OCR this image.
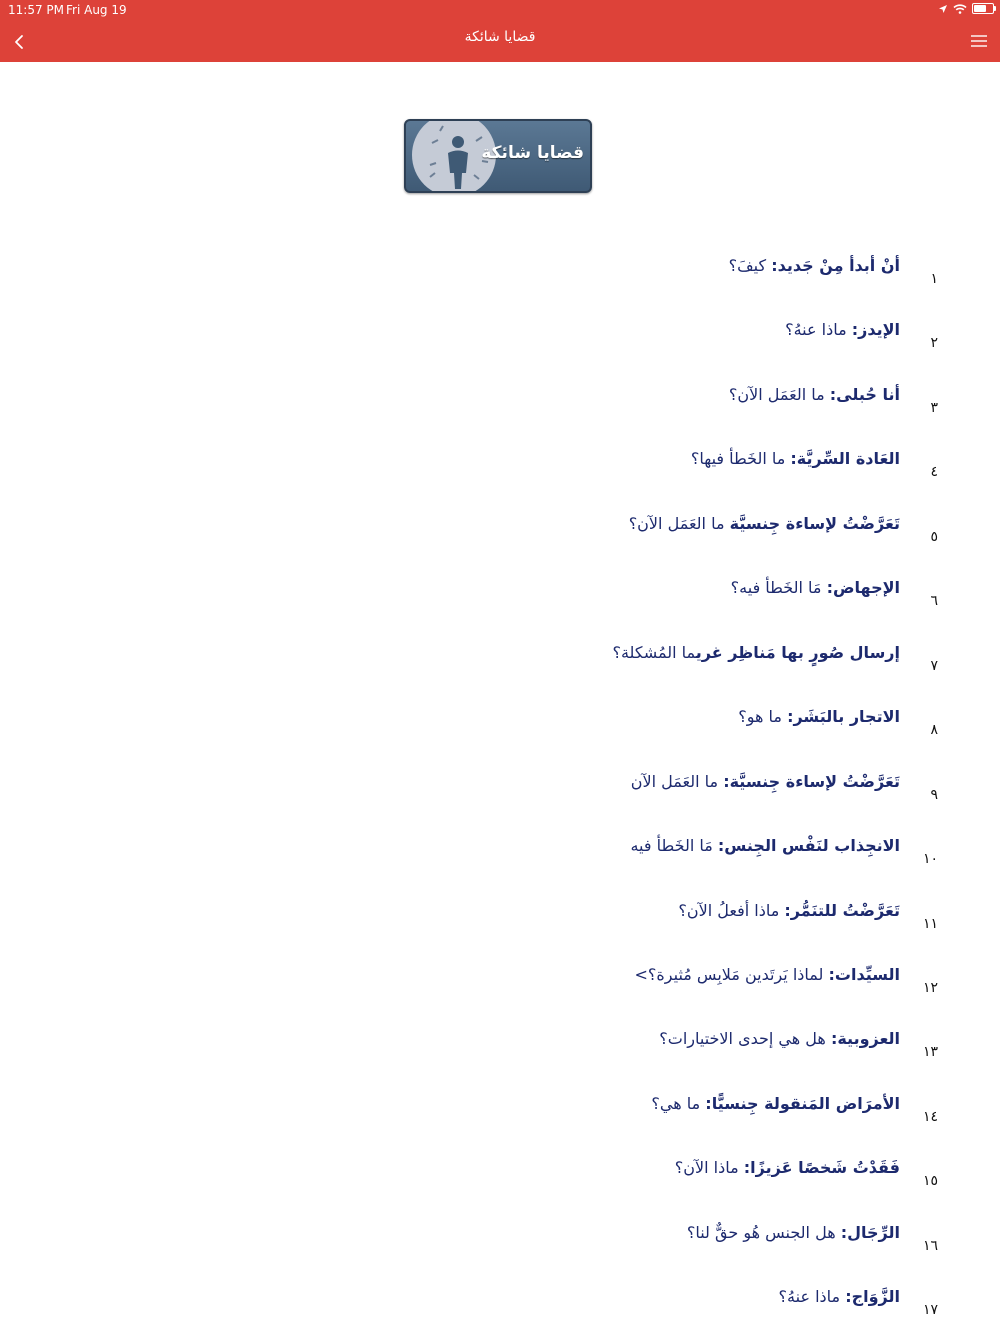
11:57 PM Fri Aug 19
قضايا شائكة
قضايا شائكة
أنْ أبدأ مِنْ جَديد: كيفَ؟
١
الإيدز: ماذا عنهُ؟
٢
أنا حُبلى: ما العَمَل الآن؟
٣
العَادة السِّريَّة: ما الخَطأ فيها؟
٤
تَعَرَّضْتُ لإساءة جِنسيَّة ما العَمَل الآن؟
٥
الإجهاض: مَا الخَطأ فيه؟
٦
إرسال صُورٍ بها مَناظِر غريما المُشكلة؟
٧
الاتجار بالبَشَر: ما هو؟
٨
تَعَرَّضْتُ لإساءة جِنسيَّة: ما العَمَل الآن
٩
الانجِذاب لنَفْس الجِنس: مَا الخَطأ فيه
١٠
تَعَرَّضْتُ للتنَمُّر: ماذا أفعلُ الآن؟
١١
السيِّدات: لماذا يَرتَدين مَلابِس مُثيرة؟>
١٢
العزوبية: هل هي إحدى الاختيارات؟
١٣
الأمرَاض المَنقولة جِنسيًّا: ما هي؟
١٤
فَقَدْتُ شَخصًا عَزيزًا: ماذا الآن؟
١٥
الرِّجَال: هل الجنس هُو حقٌّ لنا؟
١٦
الزَّوَاج: ماذا عنهُ؟
١٧
